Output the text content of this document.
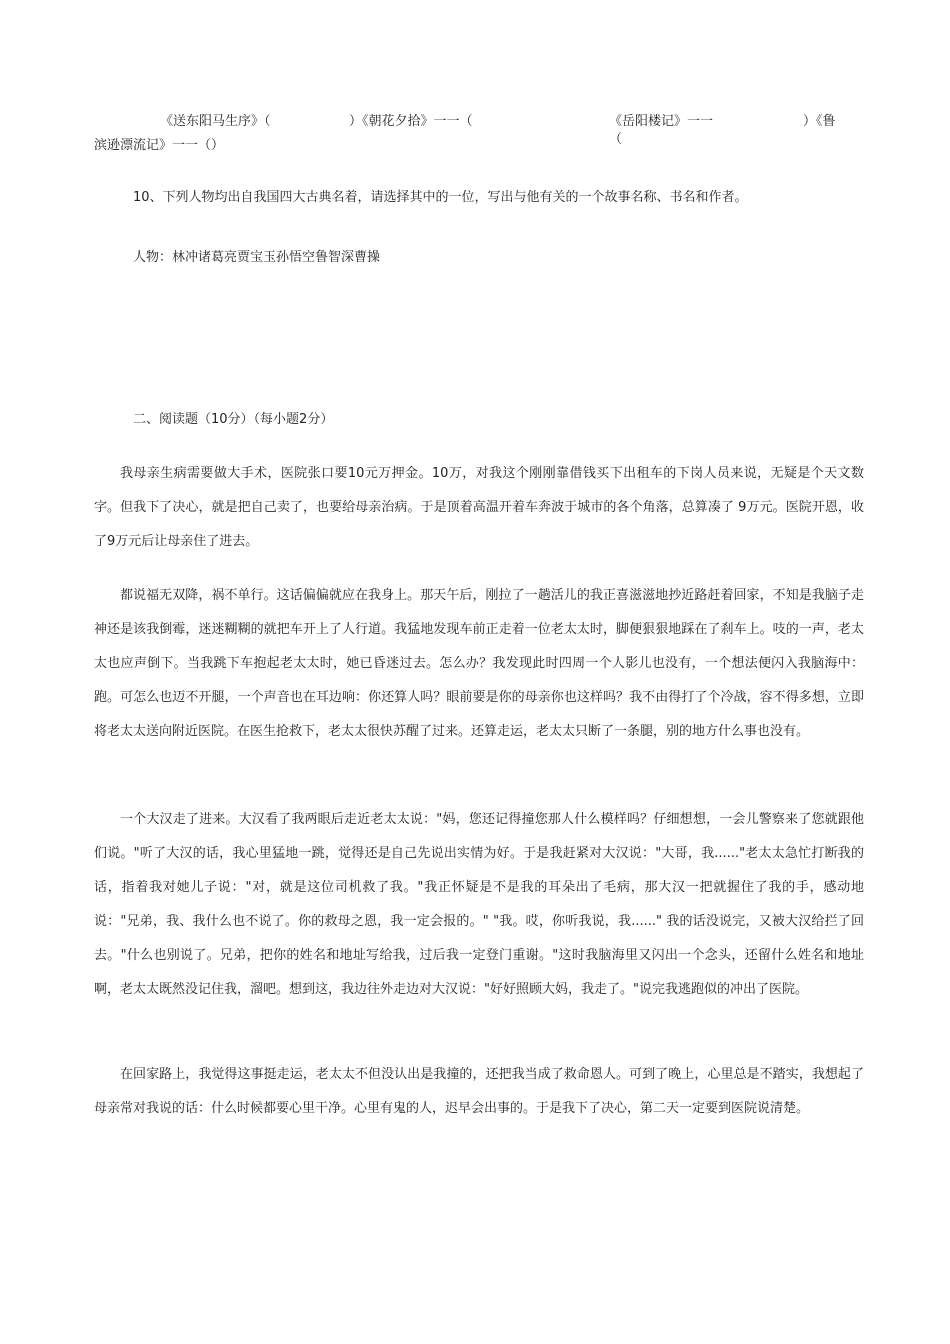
《送东阳马生序》（	）《朝花夕拾》一一（	《岳阳楼记》一一
（
）《鲁
滨逊漂流记》一一（）
10、下列人物均出自我国四大古典名着，请选择其中的一位，写出与他有关的一个故事名称、书名和作者。
人物：林冲诸葛亮贾宝玉孙悟空鲁智深曹操
二、阅读题（10分）（每小题2分）

我母亲生病需要做大手术，医院张口要10元万押金。10万，对我这个刚刚靠借钱买下出租车的下岗人员来说，无疑是个天文数字。但我下了决心，就是把自己卖了，也要给母亲治病。于是顶着高温开着车奔波于城市的各个角落，总算凑了 9万元。医院开恩，收了9万元后让母亲住了进去。

都说福无双降，祸不单行。这话偏偏就应在我身上。那天午后，刚拉了一趟活儿的我正喜滋滋地抄近路赶着回家，不知是我脑子走神还是该我倒霉，迷迷糊糊的就把车开上了人行道。我猛地发现车前正走着一位老太太时，脚便狠狠地踩在了刹车上。吱的一声，老太太也应声倒下。当我跳下车抱起老太太时，她已昏迷过去。怎么办？我发现此时四周一个人影儿也没有，一个想法便闪入我脑海中：跑。可怎么也迈不开腿，一个声音也在耳边响：你还算人吗？眼前要是你的母亲你也这样吗？我不由得打了个冷战，容不得多想，立即将老太太送向附近医院。在医生抢救下，老太太很快苏醒了过来。还算走运，老太太只断了一条腿，别的地方什么事也没有。

一个大汉走了进来。大汉看了我两眼后走近老太太说："妈，您还记得撞您那人什么模样吗？仔细想想，一会儿警察来了您就跟他们说。"听了大汉的话，我心里猛地一跳，觉得还是自己先说出实情为好。于是我赶紧对大汉说："大哥，我......"老太太急忙打断我的话，指着我对她儿子说："对，就是这位司机救了我。"我正怀疑是不是我的耳朵出了毛病，那大汉一把就握住了我的手，感动地说："兄弟，我、我什么也不说了。你的救母之恩，我一定会报的。" "我。哎，你听我说，我......" 我的话没说完，又被大汉给拦了回去。"什么也别说了。兄弟，把你的姓名和地址写给我，过后我一定登门重谢。"这时我脑海里又闪出一个念头，还留什么姓名和地址啊，老太太既然没记住我，溜吧。想到这，我边往外走边对大汉说："好好照顾大妈，我走了。"说完我逃跑似的冲出了医院。

在回家路上，我觉得这事挺走运，老太太不但没认出是我撞的，还把我当成了救命恩人。可到了晚上，心里总是不踏实，我想起了母亲常对我说的话：什么时候都要心里干净。心里有鬼的人，迟早会出事的。于是我下了决心，第二天一定要到医院说清楚。
